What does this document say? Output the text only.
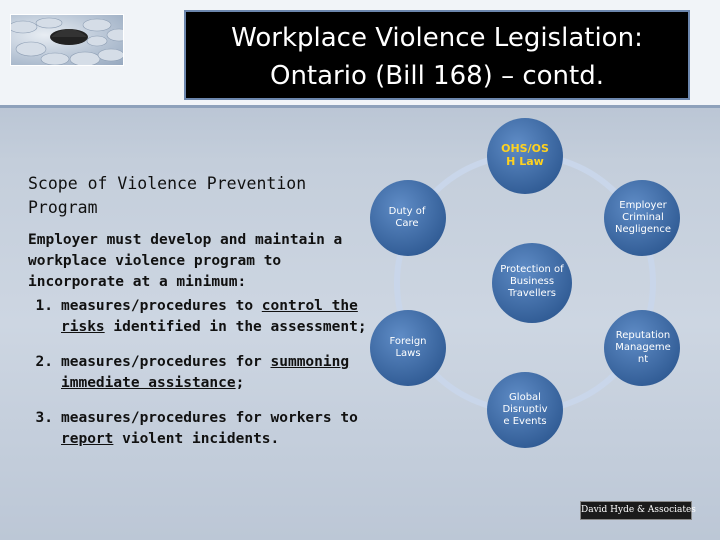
Workplace Violence Legislation:
Ontario (Bill 168) – contd.
Scope of Violence Prevention Program
Employer must develop and maintain a workplace violence program to incorporate at a minimum:
1. measures/procedures to control the risks identified in the assessment;
2. measures/procedures for summoning immediate assistance;
3. measures/procedures for workers to report violent incidents.
OHS/OS H Law
Employer Criminal Negligence
Reputation Manageme nt
Global Disruptiv e Events
Foreign Laws
Duty of Care
Protection of Business Travellers
David Hyde & Associates
